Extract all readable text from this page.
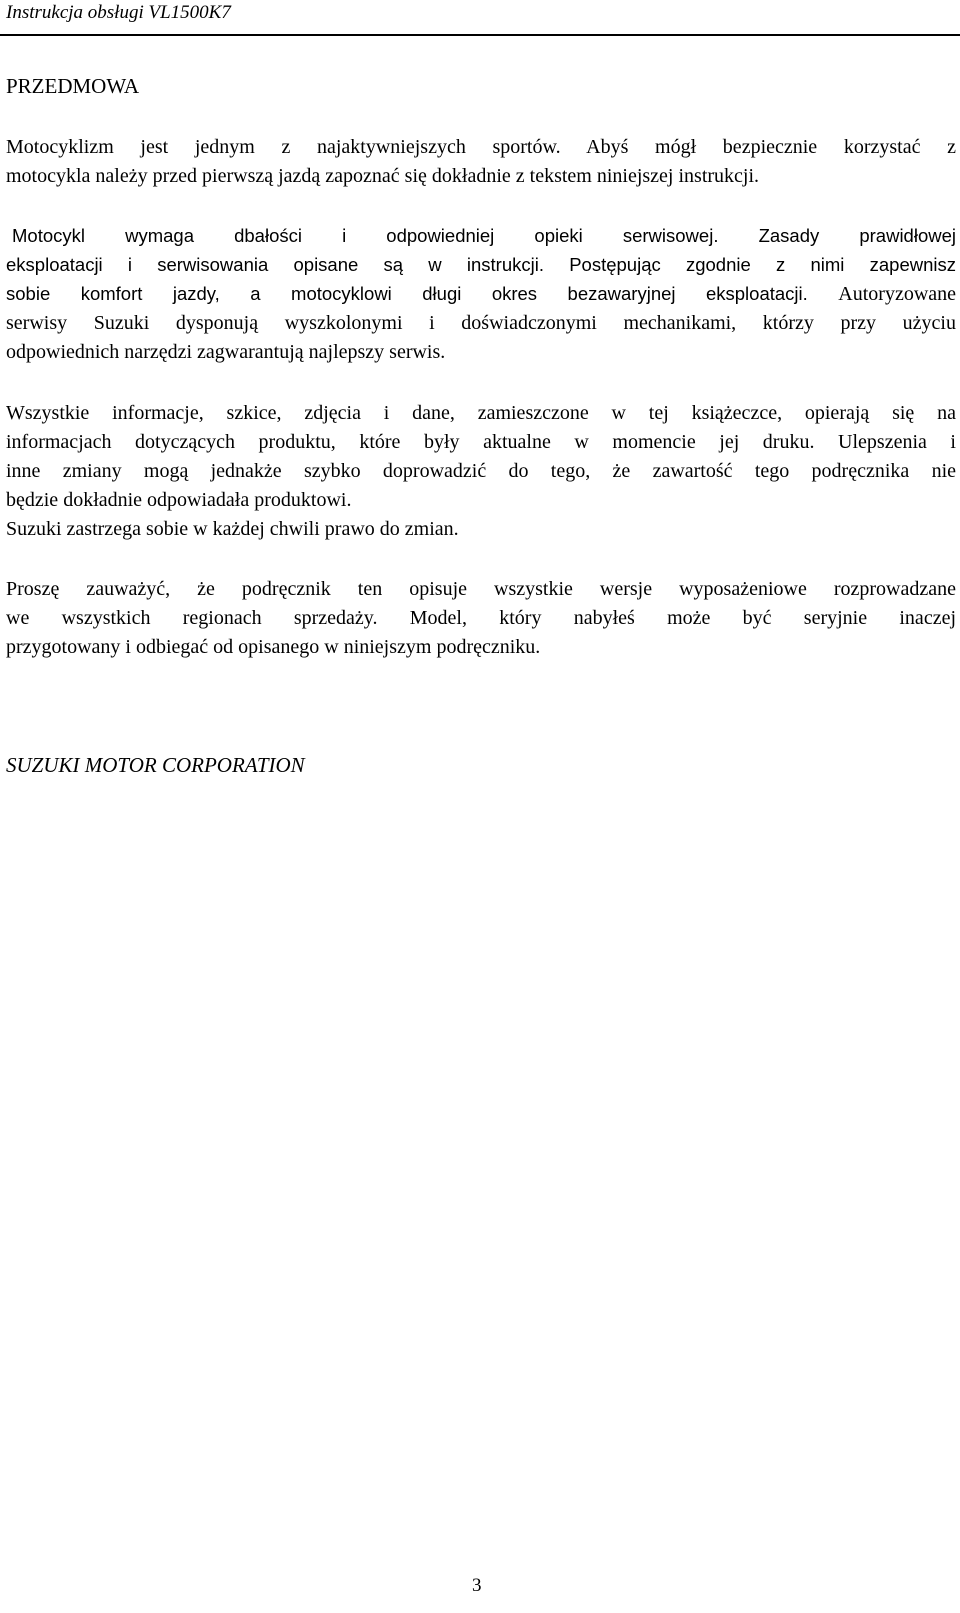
Instrukcja obsługi VL1500K7
PRZEDMOWA
Motocyklizm jest jednym z najaktywniejszych sportów. Abyś mógł bezpiecznie korzystać z
motocykla należy przed pierwszą jazdą zapoznać się dokładnie z tekstem niniejszej instrukcji.
Motocykl wymaga dbałości i odpowiedniej opieki serwisowej. Zasady prawidłowej
eksploatacji i serwisowania opisane są w instrukcji. Postępując zgodnie z nimi zapewnisz
sobie komfort jazdy, a motocyklowi długi okres bezawaryjnej eksploatacji. Autoryzowane
serwisy Suzuki dysponują wyszkolonymi i doświadczonymi mechanikami, którzy przy użyciu
odpowiednich narzędzi zagwarantują najlepszy serwis.
Wszystkie informacje, szkice, zdjęcia i dane, zamieszczone w tej książeczce, opierają się na
informacjach dotyczących produktu, które były aktualne w momencie jej druku. Ulepszenia i
inne zmiany mogą jednakże szybko doprowadzić do tego, że zawartość tego podręcznika nie
będzie dokładnie odpowiadała produktowi.
Suzuki zastrzega sobie w każdej chwili prawo do zmian.
Proszę zauważyć, że podręcznik ten opisuje wszystkie wersje wyposażeniowe rozprowadzane
we wszystkich regionach sprzedaży. Model, który nabyłeś może być seryjnie inaczej
przygotowany i odbiegać od opisanego w niniejszym podręczniku.
SUZUKI MOTOR CORPORATION
3
